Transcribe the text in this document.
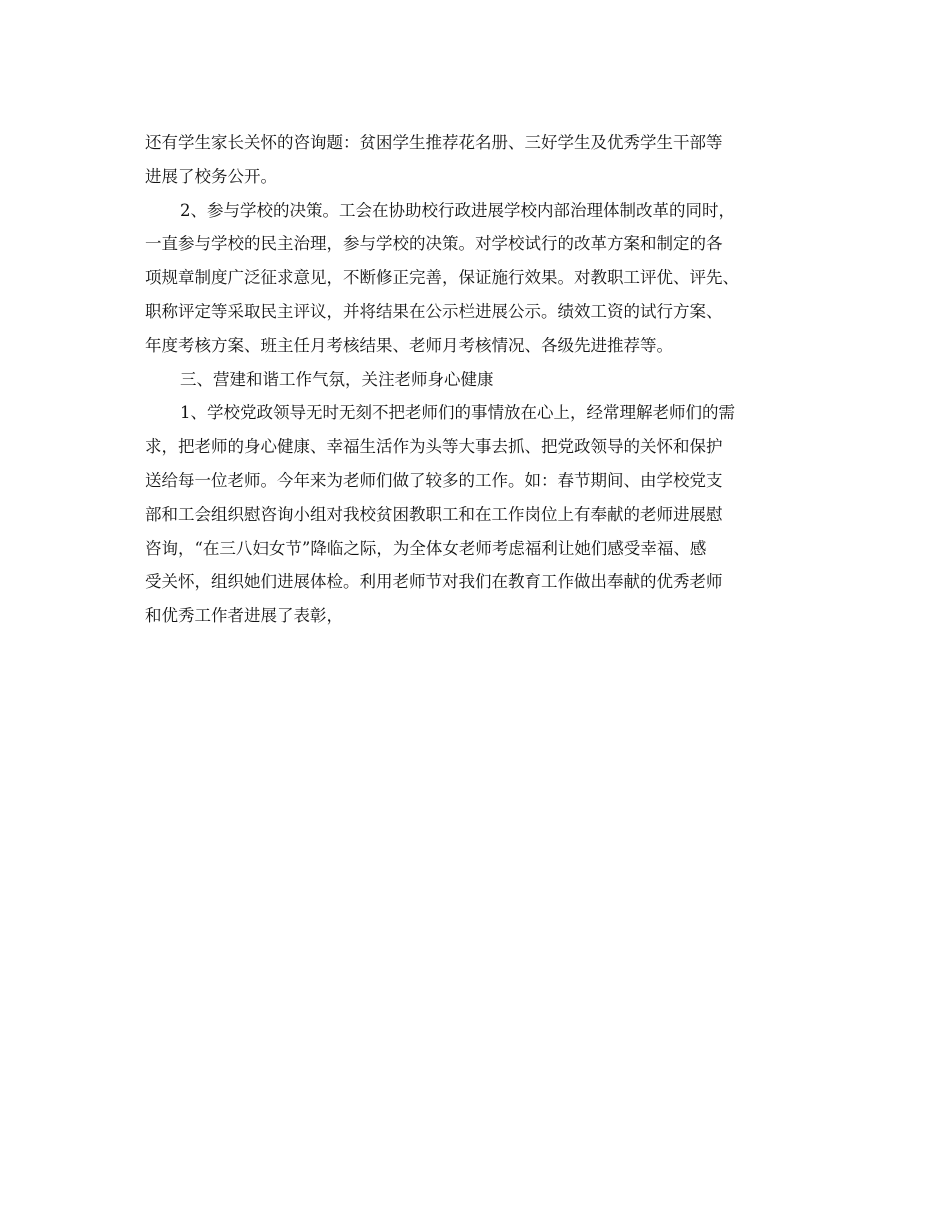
还有学生家长关怀的咨询题：贫困学生推荐花名册、三好学生及优秀学生干部等
进展了校务公开。
2、参与学校的决策。工会在协助校行政进展学校内部治理体制改革的同时，
一直参与学校的民主治理，参与学校的决策。对学校试行的改革方案和制定的各
项规章制度广泛征求意见，不断修正完善，保证施行效果。对教职工评优、评先、
职称评定等采取民主评议，并将结果在公示栏进展公示。绩效工资的试行方案、
年度考核方案、班主任月考核结果、老师月考核情况、各级先进推荐等。
三、营建和谐工作气氛，关注老师身心健康
1、学校党政领导无时无刻不把老师们的事情放在心上，经常理解老师们的需
求，把老师的身心健康、幸福生活作为头等大事去抓、把党政领导的关怀和保护
送给每一位老师。今年来为老师们做了较多的工作。如：春节期间、由学校党支
部和工会组织慰咨询小组对我校贫困教职工和在工作岗位上有奉献的老师进展慰
咨询，“在三八妇女节”降临之际，为全体女老师考虑福利让她们感受幸福、感
受关怀，组织她们进展体检。利用老师节对我们在教育工作做出奉献的优秀老师
和优秀工作者进展了表彰，
